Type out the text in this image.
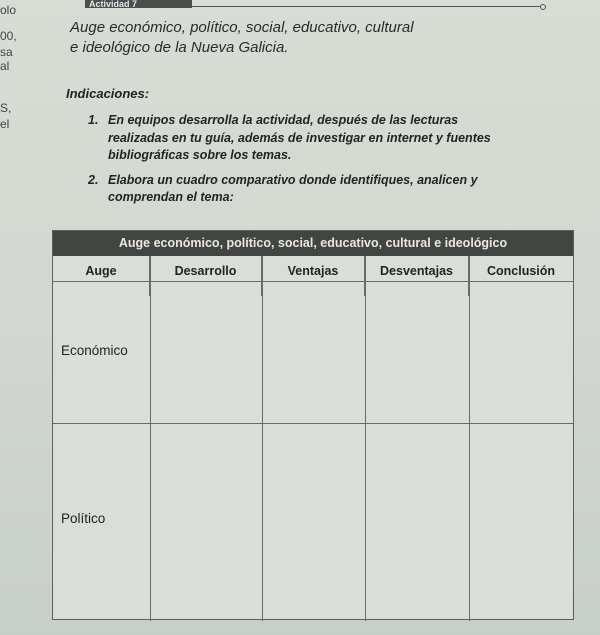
olo
00,
sa
al
S,
el
Actividad 7
Auge económico, político, social, educativo, cultural
e ideológico de la Nueva Galicia.
Indicaciones:
1. En equipos desarrolla la actividad, después de las lecturas
realizadas en tu guía, además de investigar en internet y fuentes
bibliográficas sobre los temas.
2. Elabora un cuadro comparativo donde identifiques, analicen y
comprendan el tema:
Auge económico, político, social, educativo, cultural e ideológico
Auge	Desarrollo	Ventajas	Desventajas	Conclusión
Económico
Político
